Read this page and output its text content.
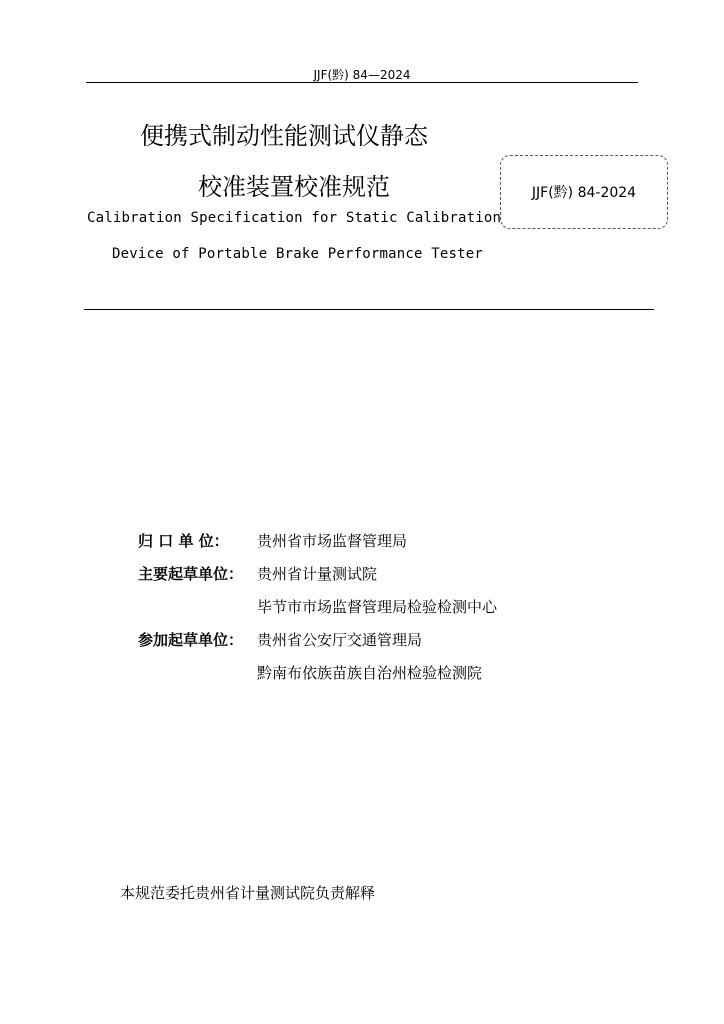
JJF(黔) 84—2024
便携式制动性能测试仪静态
校准装置校准规范	JJF(黔) 84-2024
Calibration Specification for Static Calibration
Device of Portable Brake Performance Tester
归 口 单 位： 贵州省市场监督管理局
主要起草单位： 贵州省计量测试院
毕节市市场监督管理局检验检测中心
参加起草单位： 贵州省公安厅交通管理局
黔南布依族苗族自治州检验检测院
本规范委托贵州省计量测试院负责解释
